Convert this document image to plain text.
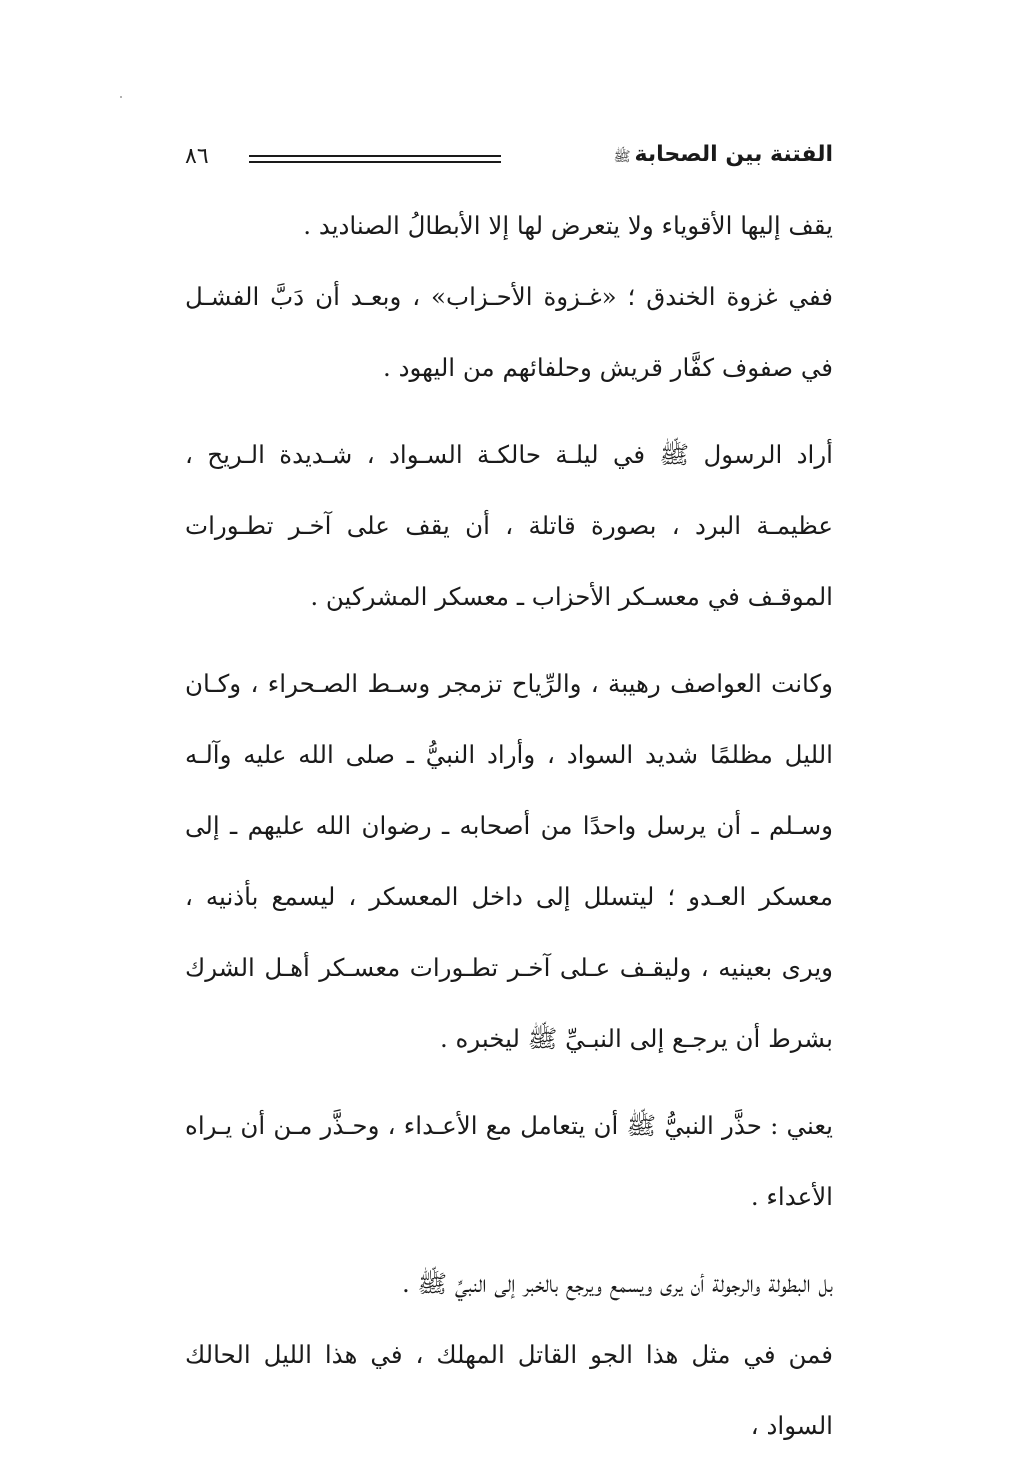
٨٦	الفتنة بين الصحابةﷺ

يقف إليها الأقوياء ولا يتعرض لها إلا الأبطالُ الصناديد .

ففي غزوة الخندق ؛ «غـزوة الأحـزاب» ، وبعـد أن دَبَّ الفشـل في صفوف كفَّار قريش وحلفائهم من اليهود .

أراد الرسول ﷺ في ليلـة حالكـة السـواد ، شـديدة الـريح ، عظيمـة البرد ، بصورة قاتلة ، أن يقف على آخـر تطـورات الموقـف في معسـكر الأحزاب ـ معسكر المشركين .

وكانت العواصف رهيبة ، والرِّياح تزمجر وسـط الصـحراء ، وكـان الليل مظلمًا شديد السواد ، وأراد النبيُّ ـ صلى الله عليه وآلـه وسـلم ـ أن يرسل واحدًا من أصحابه ـ رضوان الله عليهم ـ إلى معسكر العـدو ؛ ليتسلل إلى داخل المعسكر ، ليسمع بأذنيه ، ويرى بعينيه ، وليقـف عـلى آخـر تطـورات معسـكر أهـل الشرك بشرط أن يرجـع إلى النبـيِّ ﷺ ليخبره .

يعني : حذَّر النبيُّ ﷺ أن يتعامل مع الأعـداء ، وحـذَّر مـن أن يـراه الأعداء .

بل البطولة والرجولة أن يرى ويسمع ويرجع بالخبر إلى النبيِّ ﷺ .

فمن في مثل هذا الجو القاتل المهلك ، في هذا الليل الحالك السواد ،
